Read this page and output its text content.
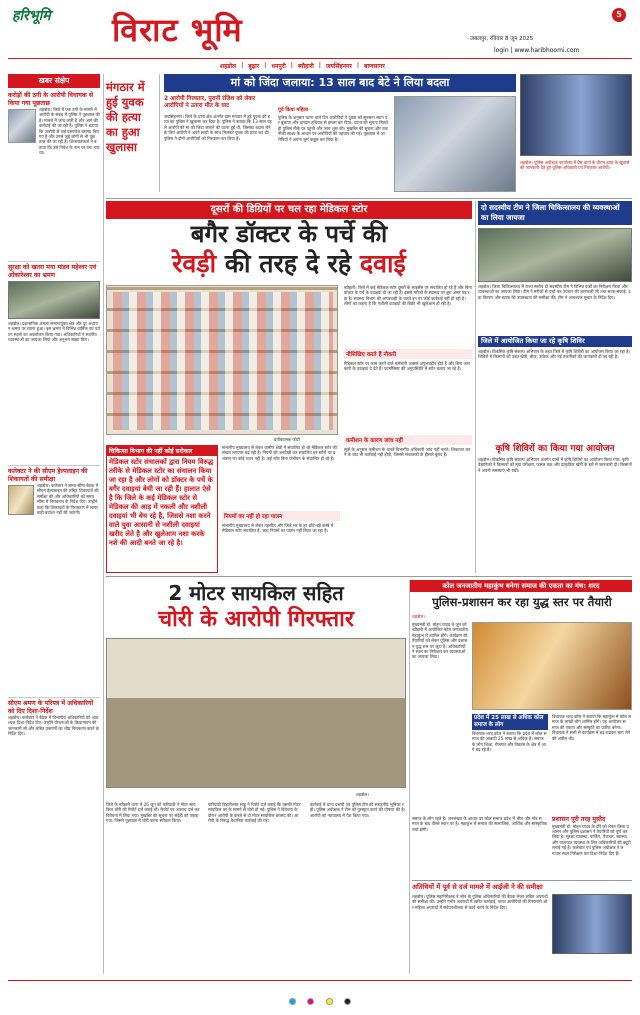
हरिभूमि विराट भूमि	5
जबलपुर, रविवार 8 जून 2025
login | www.haribhoomi.com
शहडोल | बुढ़ार | धनपुरी | ब्यौहारी | जयसिंहनगर | बाणसागर
खबर संक्षेप
करोड़ों की ठगी के आरोपी विधायक से किया गया पूछताछ
शहडोल। जिले में एक ठगी के मामले में आरोपी के संबंध में पुलिस ने पूछताछ की है। मामले में जांच जारी है और आगे की कार्रवाई की जा रही है। पुलिस ने बताया कि आरोपी से कई दस्तावेज बरामद किए गए हैं और उनसे जुड़े लोगों से भी पूछताछ की जा रही है। शिकायतकर्ता ने बताया कि उसे निवेश के नाम पर ठगा गया था।
सुरक्षा को खतरा मया मांडव महेश्वर एवं ओंकारेश्वर का भ्रमण
शहडोल। प्रशासनिक अमला संभागायुक्त क्षेत्र और दूर अध्ययन भ्रमण पर रवाना हुआ। इस भ्रमण में विभिन्न धार्मिक एवं पर्यटन स्थलों का अवलोकन किया गया। अधिकारियों ने स्थानीय व्यवस्थाओं का जायजा लिया और अनुभव साझा किए।
कलेक्टर ने की सीएम हेल्पलाइन की शिकायतों की समीक्षा
शहडोल। कलेक्टर ने समय सीमा बैठक में सीएम हेल्पलाइन की लंबित शिकायतों की समीक्षा की और अधिकारियों को समय सीमा में निराकरण के निर्देश दिए। उन्होंने कहा कि शिकायतों के निराकरण में लापरवाही बर्दाश्त नहीं की जाएगी।
सीएम श्रमण के परिपत्र में अधिकारियों को दिए दिशा-निर्देश
शहडोल। कलेक्टर ने बैठक में विभागीय अधिकारियों को आवश्यक दिशा-निर्देश दिए। उन्होंने योजनाओं के क्रियान्वयन की जानकारी ली और लंबित प्रकरणों का शीघ्र निराकरण करने के निर्देश दिए।
मंगठार में हुई युवक की हत्या का हुआ खुलासा
मां को जिंदा जलाया: 13 साल बाद बेटे ने लिया बदला
2 आरोपी गिरफ्तार, पुरानी रंजिश को लेकर आरोपियों ने उतारा मौत के घाट
जयसिंहनगर। जिले के थाना क्षेत्र अंतर्गत ग्राम मंगठार में हुई युवक की हत्या का पुलिस ने खुलासा कर दिया है। पुलिस ने बताया कि 13 साल पहले आरोपी की मां को जिंदा जलाने की घटना हुई थी, जिसका बदला लेने के लिए आरोपी ने अपने साथी के साथ मिलकर युवक की हत्या कर दी। पुलिस ने दोनों आरोपियों को गिरफ्तार कर लिया है।
पूर्व किया महिला
पुलिस के अनुसार घटना वाले दिन आरोपियों ने युवक को सुनसान स्थान पर बुलाया और धारदार हथियार से हमला कर दिया। घटना की सूचना मिलते ही पुलिस मौके पर पहुंची और जांच शुरू की। मुखबिर की सूचना और तकनीकी साक्ष्य के आधार पर आरोपियों की पहचान की गई। पूछताछ में आरोपियों ने अपना जुर्म कबूल कर लिया है।
शहडोल। पुलिस अधीक्षक कार्यालय में प्रेस वार्ता के दौरान हत्या के खुलासे की जानकारी देते हुए पुलिस अधिकारी एवं गिरफ्तार आरोपी।
दूसरों की डिग्रियों पर चल रहा मेडिकल स्टोर
बगैर डॉक्टर के पर्चे की
रेवड़ी की तरह दे रहे दवाई
प्रतीकात्मक फोटो
ब्यौहारी। जिले में कई मेडिकल स्टोर दूसरों के लाइसेंस पर संचालित हो रहे हैं और बिना डॉक्टर के पर्चे के दवाइयां दी जा रही हैं। इससे मरीजों के स्वास्थ्य पर बुरा असर पड़ रहा है। स्वास्थ्य विभाग की लापरवाही के चलते इन पर कोई कार्रवाई नहीं हो रही है। लोगों का कहना है कि नशीली दवाइयों की बिक्री भी खुलेआम हो रही है।
नौसिखिए करते हैं नौकरी
मेडिकल स्टोर पर काम करने वाले कर्मचारी अक्सर अनुभवहीन होते हैं और बिना जानकारी के दवाइयां दे देते हैं। फार्मासिस्ट की अनुपस्थिति में स्टोर चलाए जा रहे हैं।
कमीशन के कारण जांच नहीं
सूत्रों के अनुसार कमीशन के चलते विभागीय अधिकारी जांच नहीं करते। शिकायत करने के बाद भी कार्रवाई नहीं होती, जिससे संचालकों के हौसले बुलंद हैं।
चिकित्सा विभाग की नहीं कोई सरोकार
मेडिकल स्टोर संचालकों द्वारा नियम विरुद्ध तरीके से मेडिकल स्टोर का संचालन किया जा रहा है और लोगों को डॉक्टर के पर्चे के बगैर दवाइयां बेची जा रही हैं। हालात ऐसे है कि जिले के कई मेडिकल स्टोर से मेडिकल की आड़ में नकली और नशीली दवाइयां भी बेच रहे है, जिससे नशा करने वाले युवा आसानी से नशीली दवाइयां खरीद लेते है और खुलेआम नशा करके नशे की आदी बनते जा रहे है।
संभागीय मुख्यालय से लेकर ग्रामीण क्षेत्रों में संचालित हो रहे मेडिकल स्टोर की संख्या लगातार बढ़ रही है। नियमों की अनदेखी कर संचालित इन स्टोरों पर प्रशासन का कोई ध्यान नहीं है। कई स्टोर बिना पंजीयन के संचालित हो रहे हैं।
नियमों का नहीं हो रहा पालन
संभागीय मुख्यालय से लेकर तहसील और जिले भर के हर छोटे-बड़े कस्बे में मेडिकल स्टोर संचालित हैं, जहां नियमों का पालन नहीं किया जा रहा है।
दो सदस्यीय टीम ने जिला चिकित्सालय की व्यवस्थाओं का लिया जायजा
शहडोल। जिला चिकित्सालय में राज्य स्तरीय दो सदस्यीय टीम ने विभिन्न वार्डों का निरीक्षण किया और व्यवस्थाओं का जायजा लिया। टीम ने मरीजों से चर्चा कर उपचार की जानकारी ली तथा साफ-सफाई, दवा वितरण और स्टाफ की उपलब्धता की समीक्षा की। टीम ने आवश्यक सुधार के निर्देश दिए।
जिले में आयोजित किया जा रहे कृषि शिविर
शहडोल। विकसित कृषि संकल्प अभियान के तहत जिले में कृषि शिविरों का आयोजन किया जा रहा है। शिविरों में किसानों को उन्नत खेती, बीज, उर्वरक और नई तकनीकों की जानकारी दी जा रही है।
कृषि शिविरों का किया गया आयोजन
शहडोल। विकसित कृषि संकल्प अभियान अंतर्गत ग्रामों में कृषि शिविरों का आयोजन किया गया। कृषि वैज्ञानिकों ने किसानों को मृदा परीक्षण, फसल चक्र और प्राकृतिक खेती के बारे में जानकारी दी। किसानों ने अपनी समस्याएं भी रखीं।
2 मोटर सायकिल सहित
चोरी के आरोपी गिरफ्तार
शहडोल।
जिले के ब्यौहारी थाना में 26 जून को फरियादी ने मोटर सायकिल चोरी की रिपोर्ट दर्ज कराई थी। रिपोर्ट पर अपराध दर्ज कर विवेचना में लिया गया। मुखबिर की सूचना पर संदेही को पकड़ा गया, जिसने पूछताछ में चोरी करना स्वीकार किया।
फरियादी बिहारीलाल साहू ने रिपोर्ट दर्ज कराई कि उसकी मोटर सायकिल घर के सामने से चोरी हो गई। पुलिस ने विवेचना के दौरान आरोपी के कब्जे से दो मोटर सायकिल बरामद की। आरोपी के विरुद्ध वैधानिक कार्रवाई की गई।
कार्रवाई में थाना प्रभारी एवं पुलिस टीम की सराहनीय भूमिका रही। पुलिस अधीक्षक ने टीम को पुरस्कृत करने की घोषणा की है। आरोपी को न्यायालय में पेश किया गया।
कोल जनजातीय महाकुंभ बनेगा समाज की एकता का मंच: शरद
पुलिस-प्रशासन कर रहा युद्ध स्तर पर तैयारी
शहडोल।
मुख्यमंत्री डॉ. मोहन यादव 9 जून को ब्यौहारी में आयोजित कोल जनजातीय महाकुंभ में शामिल होंगे। कार्यक्रम की तैयारियों को लेकर पुलिस और प्रशासन युद्ध स्तर पर जुटा है। अधिकारियों ने स्थल का निरीक्षण कर व्यवस्थाओं का जायजा लिया।
प्रदेश में 25 लाख से अधिक कोल समाज के लोग
विधायक शरद कोल ने बताया कि प्रदेश में कोल समाज की आबादी 25 लाख से अधिक है। समाज के लोग शिक्षा, रोजगार और विकास के क्षेत्र में आगे बढ़ रहे हैं।
विधायक शरद कोल ने बताया कि महाकुंभ में कोल समाज के लाखों लोग शामिल होंगे। यह आयोजन समाज की एकता और संस्कृति का प्रतीक बनेगा। विधायक ने सभी से कार्यक्रम में बढ़-चढ़कर भाग लेने की अपील की।
समाज के लोग रहते हैं। जनसंख्या के आधार पर कोल समाज प्रदेश में भील और गोंड समाज के बाद तीसरे स्थान पर है। महाकुंभ में समाज की सामाजिक, आर्थिक और सांस्कृतिक चर्चा होगी।
प्रशासन पूरी तरह मुस्तैद
मुख्यमंत्री डॉ. मोहन यादव के दौरे को लेकर जिला प्रशासन और पुलिस प्रशासन ने तैयारियों को पूर्ण कर लिया है। सुरक्षा व्यवस्था, पार्किंग, पेयजल, स्वास्थ्य और यातायात व्यवस्था के लिए अधिकारियों की ड्यूटी लगाई गई है। कलेक्टर एवं पुलिस अधीक्षक ने लगातार स्थल निरीक्षण कर दिशा-निर्देश दिए हैं।
अतिथियों में पूर्व से दर्ज मामले में आईजी ने की समीक्षा
शहडोल। पुलिस महानिरीक्षक ने जोन के पुलिस अधिकारियों की बैठक लेकर लंबित अपराधों की समीक्षा की। उन्होंने गंभीर अपराधों में त्वरित कार्रवाई, फरार आरोपियों की गिरफ्तारी और महिला अपराधों में संवेदनशीलता से कार्य करने के निर्देश दिए।
